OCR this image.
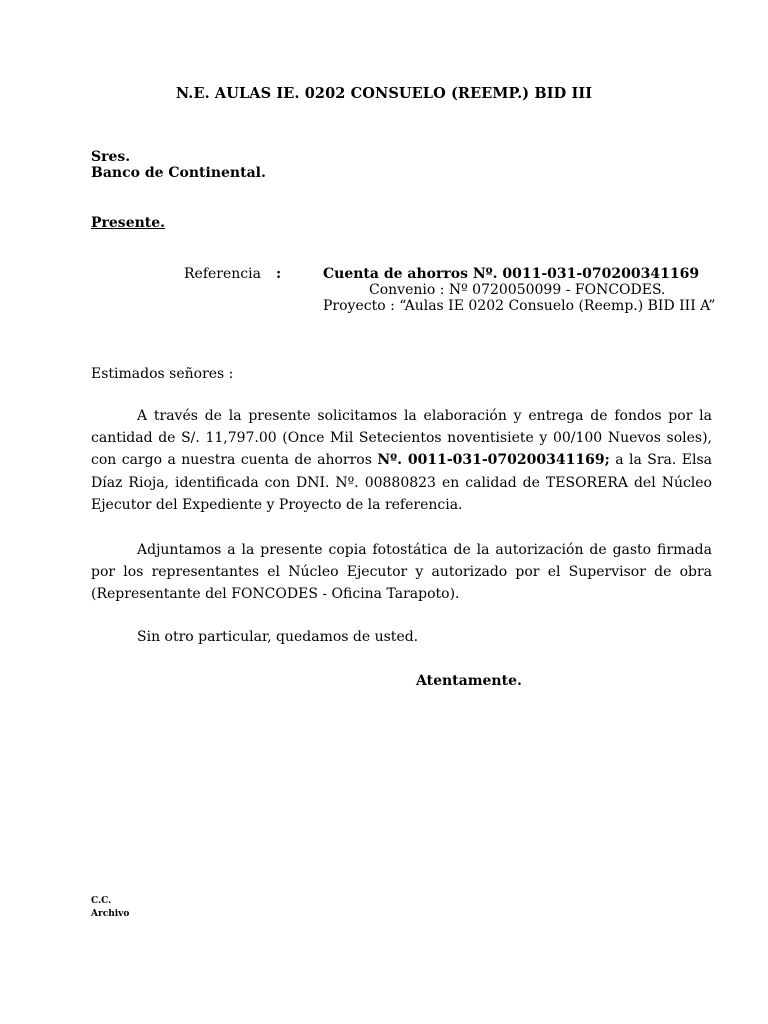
N.E. AULAS IE. 0202 CONSUELO (REEMP.) BID III
Sres.
Banco de Continental.
Presente.
Referencia :	Cuenta de ahorros Nº. 0011-031-070200341169
Convenio : Nº 0720050099 - FONCODES.
Proyecto : “Aulas IE 0202 Consuelo (Reemp.) BID III A”
Estimados señores :
A través de la presente solicitamos la elaboración y entrega de fondos por la cantidad de S/. 11,797.00 (Once Mil Setecientos noventisiete y 00/100 Nuevos soles), con cargo a nuestra cuenta de ahorros Nº. 0011-031-070200341169; a la Sra. Elsa Díaz Rioja, identificada con DNI. Nº. 00880823 en calidad de TESORERA del Núcleo Ejecutor del Expediente y Proyecto de la referencia.
Adjuntamos a la presente copia fotostática de la autorización de gasto firmada por los representantes el Núcleo Ejecutor y autorizado por el Supervisor de obra (Representante del FONCODES - Oficina Tarapoto).
Sin otro particular, quedamos de usted.
Atentamente.
C.C.
Archivo
